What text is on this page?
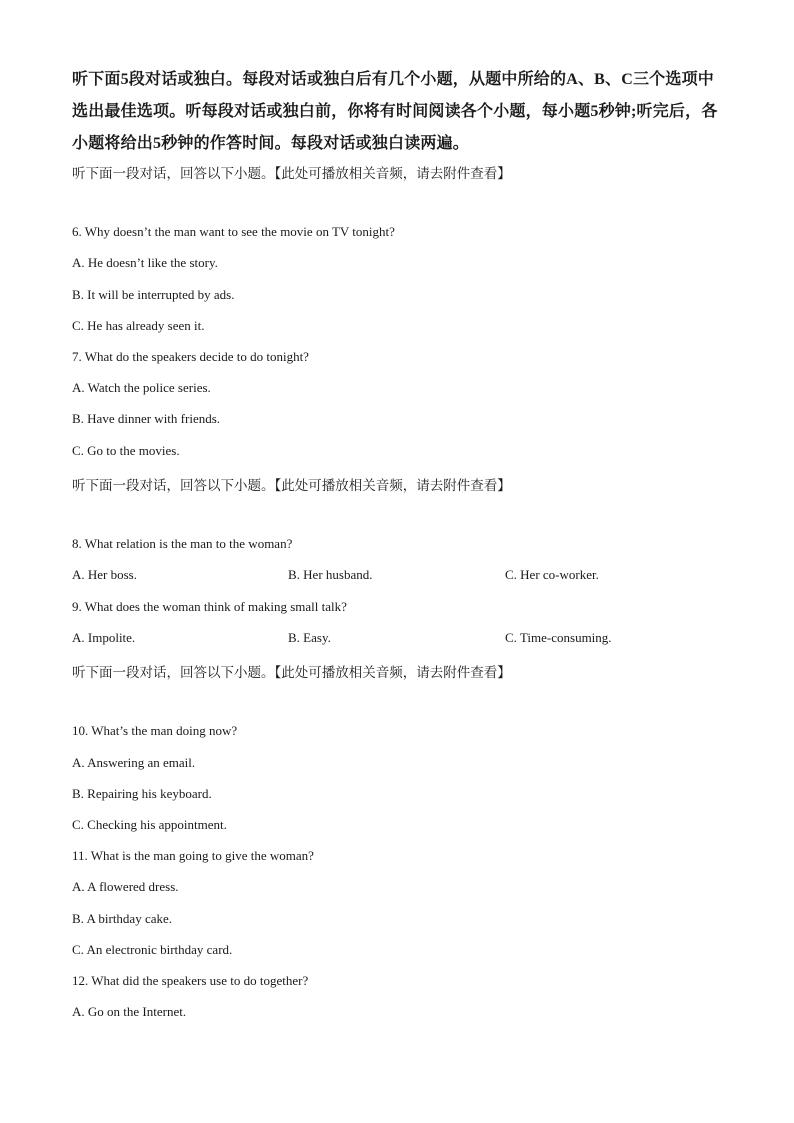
听下面5段对话或独白。每段对话或独白后有几个小题，从题中所给的A、B、C三个选项中选出最佳选项。听每段对话或独白前，你将有时间阅读各个小题，每小题5秒钟;听完后，各小题将给出5秒钟的作答时间。每段对话或独白读两遍。
听下面一段对话，回答以下小题。【此处可播放相关音频，请去附件查看】
6. Why doesn’t the man want to see the movie on TV tonight?
A. He doesn’t like the story.
B. It will be interrupted by ads.
C. He has already seen it.
7. What do the speakers decide to do tonight?
A. Watch the police series.
B. Have dinner with friends.
C. Go to the movies.
听下面一段对话，回答以下小题。【此处可播放相关音频，请去附件查看】
8. What relation is the man to the woman?
A. Her boss.	B. Her husband.	C. Her co-worker.
9. What does the woman think of making small talk?
A. Impolite.	B. Easy.	C. Time-consuming.
听下面一段对话，回答以下小题。【此处可播放相关音频，请去附件查看】
10. What’s the man doing now?
A. Answering an email.
B. Repairing his keyboard.
C. Checking his appointment.
11. What is the man going to give the woman?
A. A flowered dress.
B. A birthday cake.
C. An electronic birthday card.
12. What did the speakers use to do together?
A. Go on the Internet.
